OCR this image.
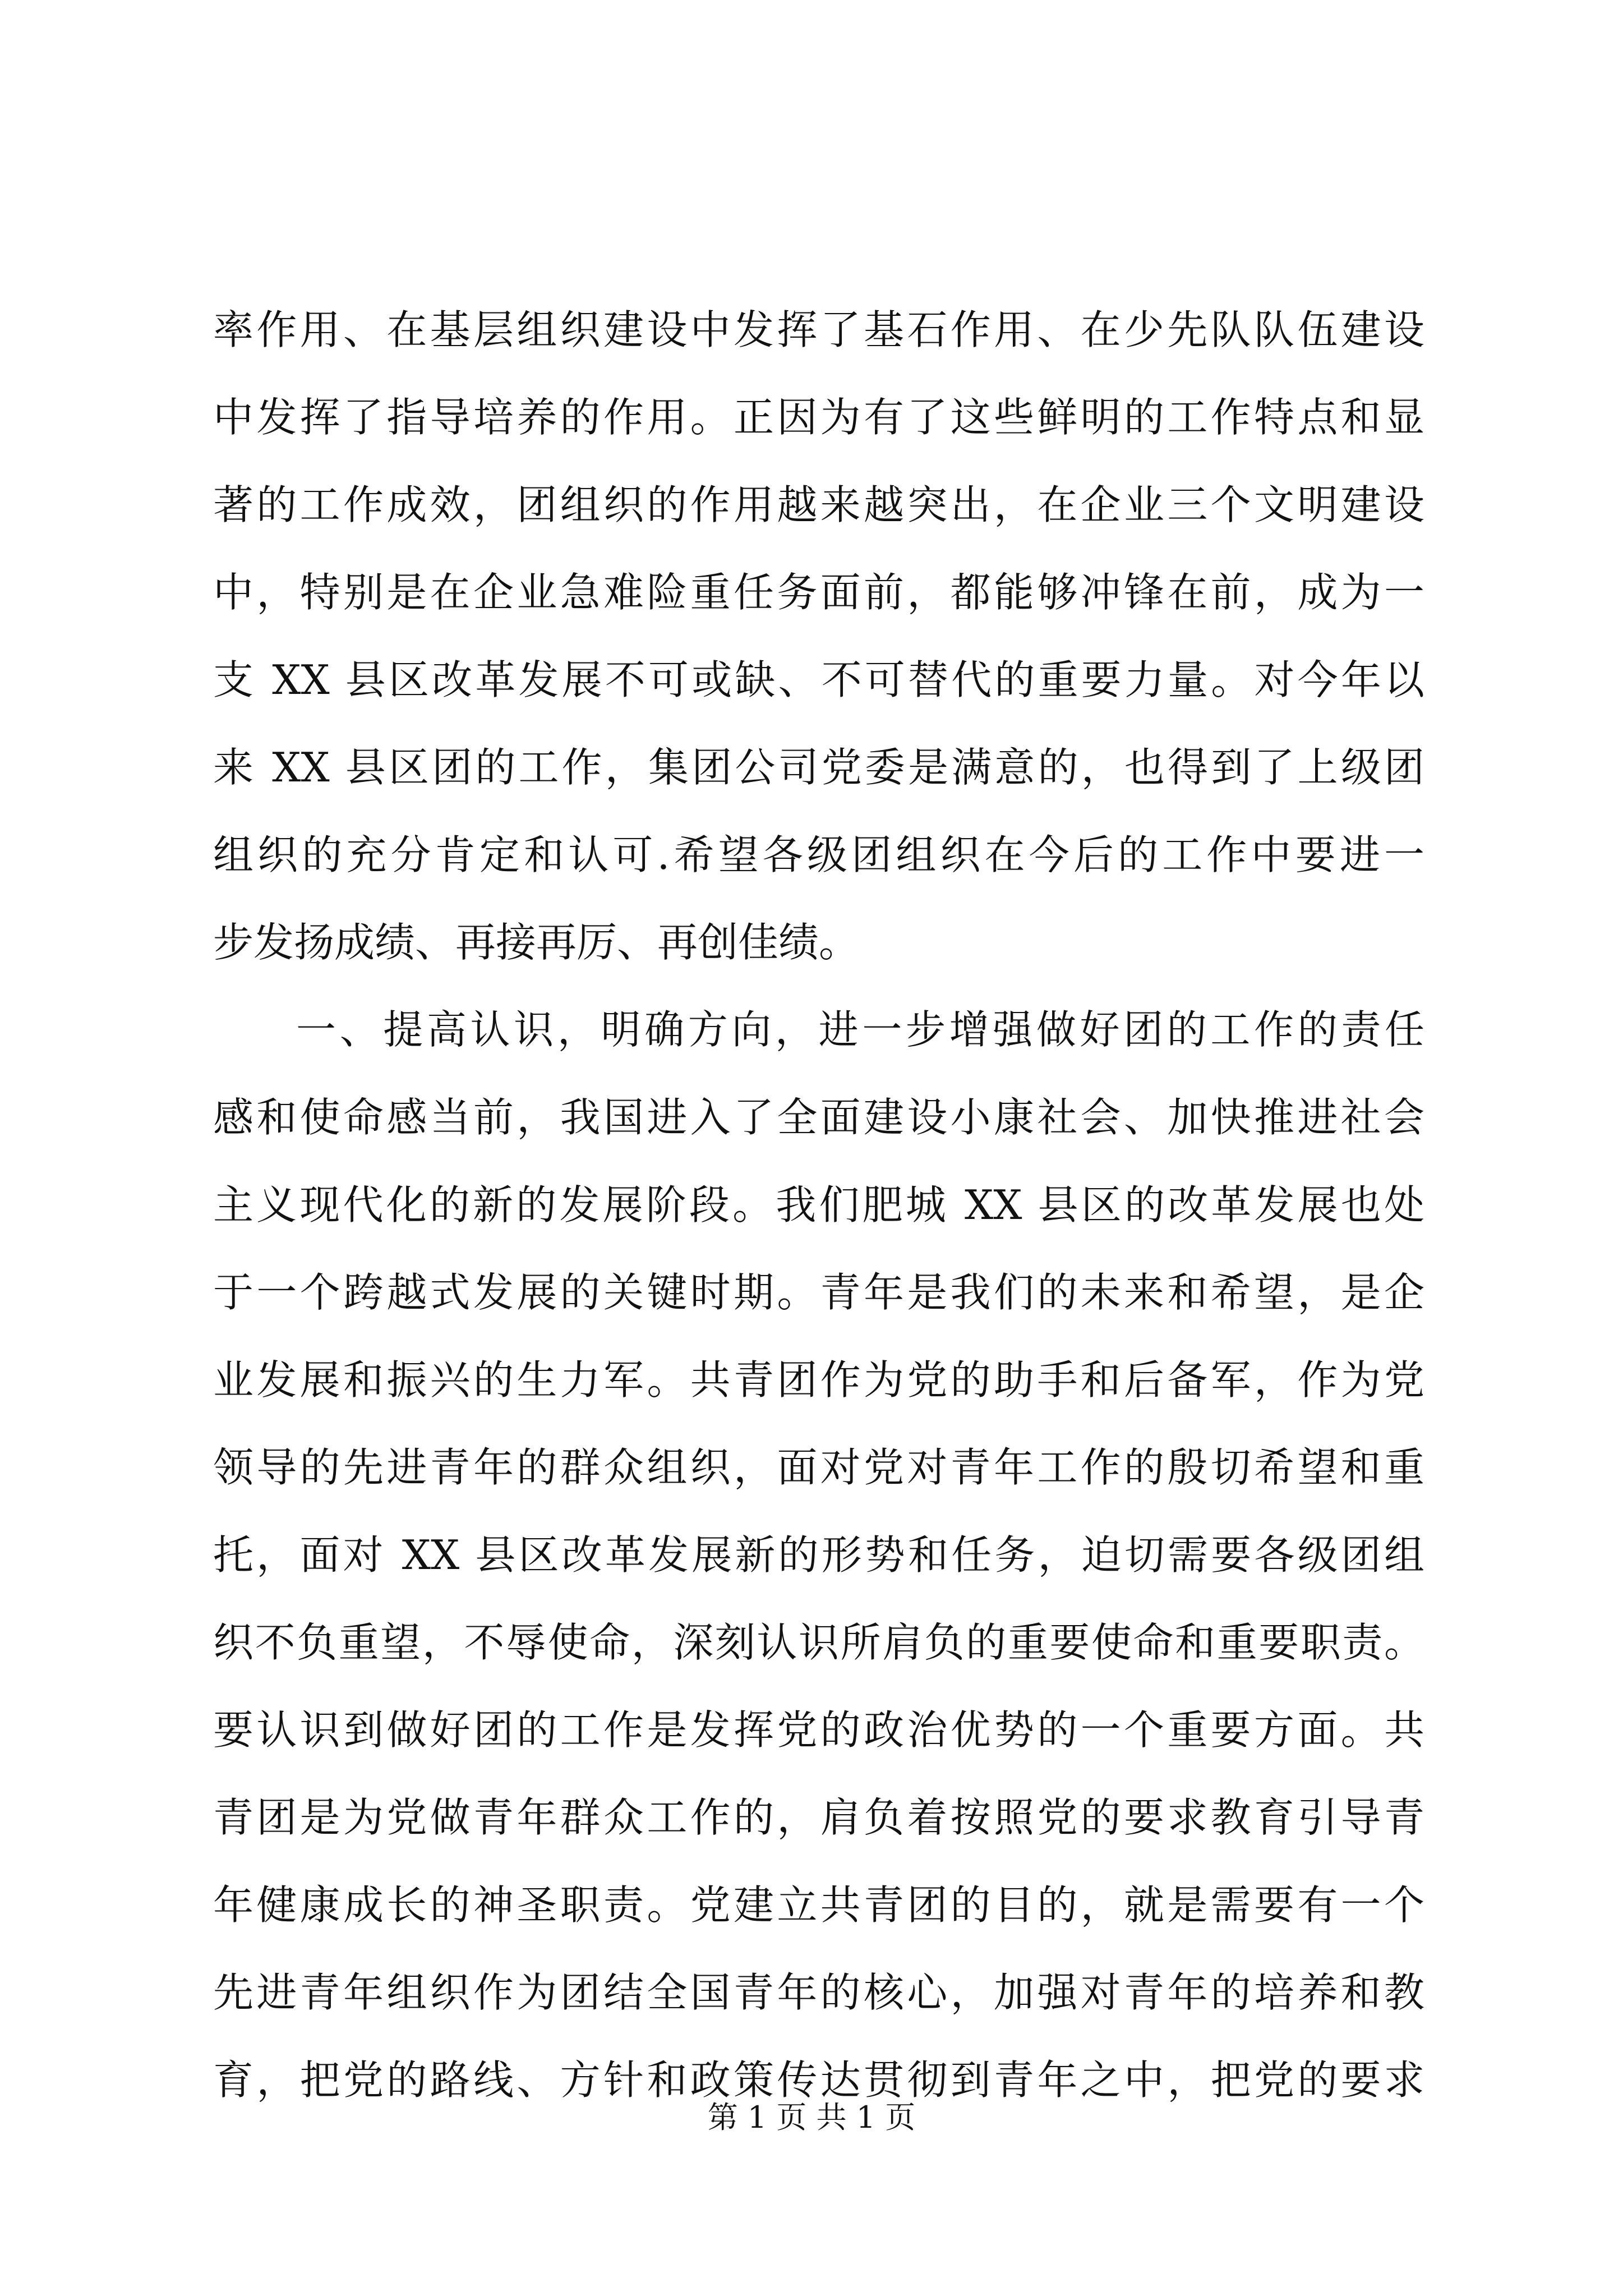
率作用、在基层组织建设中发挥了基石作用、在少先队队伍建设
中发挥了指导培养的作用。正因为有了这些鲜明的工作特点和显
著的工作成效，团组织的作用越来越突出，在企业三个文明建设
中，特别是在企业急难险重任务面前，都能够冲锋在前，成为一
支 XX 县区改革发展不可或缺、不可替代的重要力量。对今年以
来 XX 县区团的工作，集团公司党委是满意的，也得到了上级团
组织的充分肯定和认可.希望各级团组织在今后的工作中要进一
步发扬成绩、再接再厉、再创佳绩。
一、提高认识，明确方向，进一步增强做好团的工作的责任
感和使命感当前，我国进入了全面建设小康社会、加快推进社会
主义现代化的新的发展阶段。我们肥城 XX 县区的改革发展也处
于一个跨越式发展的关键时期。青年是我们的未来和希望，是企
业发展和振兴的生力军。共青团作为党的助手和后备军，作为党
领导的先进青年的群众组织，面对党对青年工作的殷切希望和重
托，面对 XX 县区改革发展新的形势和任务，迫切需要各级团组
织不负重望，不辱使命，深刻认识所肩负的重要使命和重要职责。
要认识到做好团的工作是发挥党的政治优势的一个重要方面。共
青团是为党做青年群众工作的，肩负着按照党的要求教育引导青
年健康成长的神圣职责。党建立共青团的目的，就是需要有一个
先进青年组织作为团结全国青年的核心，加强对青年的培养和教
育，把党的路线、方针和政策传达贯彻到青年之中，把党的要求
第 1 页 共 1 页
